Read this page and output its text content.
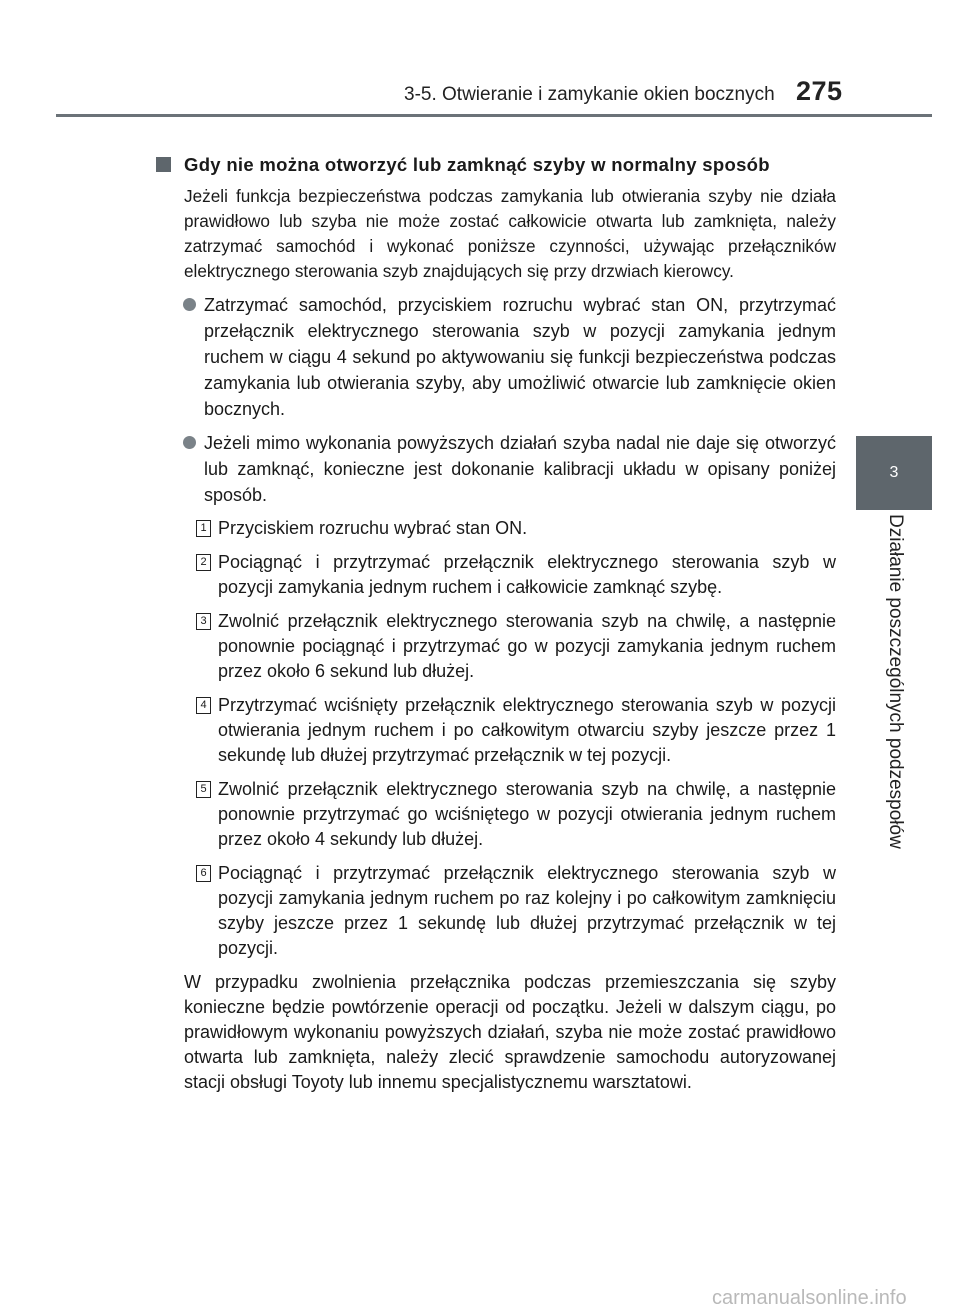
3-5. Otwieranie i zamykanie okien bocznych 275
3
Działanie poszczególnych podzespołów
Gdy nie można otworzyć lub zamknąć szyby w normalny sposób

Jeżeli funkcja bezpieczeństwa podczas zamykania lub otwierania szyby nie działa prawidłowo lub szyba nie może zostać całkowicie otwarta lub zamknięta, należy zatrzymać samochód i wykonać poniższe czynności, używając przełączników elektrycznego sterowania szyb znajdujących się przy drzwiach kierowcy.

Zatrzymać samochód, przyciskiem rozruchu wybrać stan ON, przytrzymać przełącznik elektrycznego sterowania szyb w pozycji zamykania jednym ruchem w ciągu 4 sekund po aktywowaniu się funkcji bezpieczeństwa podczas zamykania lub otwierania szyby, aby umożliwić otwarcie lub zamknięcie okien bocznych.
Jeżeli mimo wykonania powyższych działań szyba nadal nie daje się otworzyć lub zamknąć, konieczne jest dokonanie kalibracji układu w opisany poniżej sposób.
1 Przyciskiem rozruchu wybrać stan ON.
2 Pociągnąć i przytrzymać przełącznik elektrycznego sterowania szyb w pozycji zamykania jednym ruchem i całkowicie zamknąć szybę.
3 Zwolnić przełącznik elektrycznego sterowania szyb na chwilę, a następnie ponownie pociągnąć i przytrzymać go w pozycji zamykania jednym ruchem przez około 6 sekund lub dłużej.
4 Przytrzymać wciśnięty przełącznik elektrycznego sterowania szyb w pozycji otwierania jednym ruchem i po całkowitym otwarciu szyby jeszcze przez 1 sekundę lub dłużej przytrzymać przełącznik w tej pozycji.
5 Zwolnić przełącznik elektrycznego sterowania szyb na chwilę, a następnie ponownie przytrzymać go wciśniętego w pozycji otwierania jednym ruchem przez około 4 sekundy lub dłużej.
6 Pociągnąć i przytrzymać przełącznik elektrycznego sterowania szyb w pozycji zamykania jednym ruchem po raz kolejny i po całkowitym zamknięciu szyby jeszcze przez 1 sekundę lub dłużej przytrzymać przełącznik w tej pozycji.

W przypadku zwolnienia przełącznika podczas przemieszczania się szyby konieczne będzie powtórzenie operacji od początku. Jeżeli w dalszym ciągu, po prawidłowym wykonaniu powyższych działań, szyba nie może zostać prawidłowo otwarta lub zamknięta, należy zlecić sprawdzenie samochodu autoryzowanej stacji obsługi Toyoty lub innemu specjalistycznemu warsztatowi.

carmanualsonline.info
